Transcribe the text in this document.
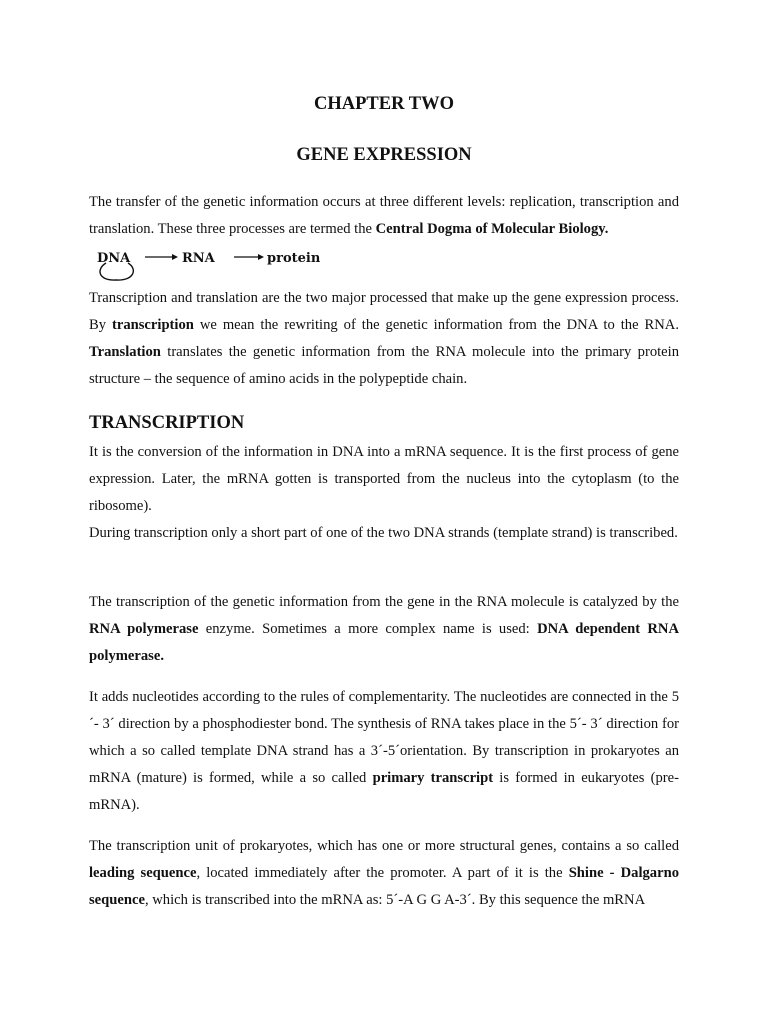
CHAPTER TWO
GENE EXPRESSION

The transfer of the genetic information occurs at three different levels: replication, transcription and translation. These three processes are termed the Central Dogma of Molecular Biology.

DNA	RNA	protein

Transcription and translation are the two major processed that make up the gene expression process. By transcription we mean the rewriting of the genetic information from the DNA to the RNA. Translation translates the genetic information from the RNA molecule into the primary protein structure – the sequence of amino acids in the polypeptide chain.

TRANSCRIPTION

It is the conversion of the information in DNA into a mRNA sequence. It is the first process of gene expression. Later, the mRNA gotten is transported from the nucleus into the cytoplasm (to the ribosome).

During transcription only a short part of one of the two DNA strands (template strand) is transcribed.

The transcription of the genetic information from the gene in the RNA molecule is catalyzed by the RNA polymerase enzyme. Sometimes a more complex name is used: DNA dependent RNA polymerase.

It adds nucleotides according to the rules of complementarity. The nucleotides are connected in the 5´- 3´ direction by a phosphodiester bond. The synthesis of RNA takes place in the 5´- 3´ direction for which a so called template DNA strand has a 3´-5´orientation. By transcription in prokaryotes an mRNA (mature) is formed, while a so called primary transcript is formed in eukaryotes (pre-mRNA).

The transcription unit of prokaryotes, which has one or more structural genes, contains a so called leading sequence, located immediately after the promoter. A part of it is the Shine - Dalgarno sequence, which is transcribed into the mRNA as: 5´-A G G A-3´. By this sequence the mRNA
